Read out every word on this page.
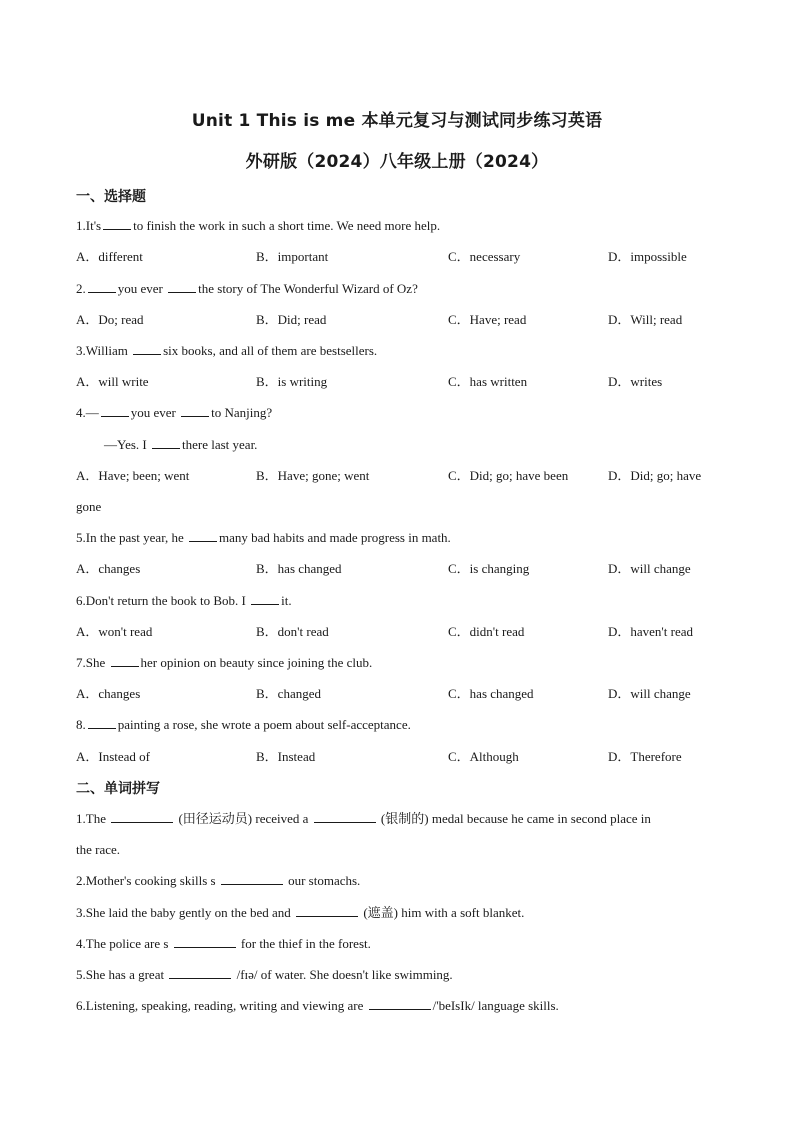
Unit 1 This is me 本单元复习与测试同步练习英语
外研版（2024）八年级上册（2024）
一、选择题
1.It's to finish the work in such a short time. We need more help.
A．different	B．important	C．necessary	D．impossible
2. you ever	the story of The Wonderful Wizard of Oz?
A．Do; read	B．Did; read	C．Have; read	D．Will; read
3.William six books, and all of them are bestsellers.
A．will write	B．is writing	C．has written	D．writes
4.— you ever	to Nanjing?
—Yes. I there last year.
A．Have; been; went	B．Have; gone; went	C．Did; go; have been	D．Did; go; have
gone
5.In the past year, he many bad habits and made progress in math.
A．changes	B．has changed	C．is changing	D．will change
6.Don't return the book to Bob. I it.
A．won't read	B．don't read	C．didn't read	D．haven't read
7.She her opinion on beauty since joining the club.
A．changes	B．changed	C．has changed	D．will change
8. painting a rose, she wrote a poem about self-acceptance.
A．Instead of	B．Instead	C．Although	D．Therefore
二、单词拼写
1.The	(田径运动员) received a	(银制的) medal because he came in second place in
the race.
2.Mother's cooking skills s	our stomachs.
3.She laid the baby gently on the bed and	(遮盖) him with a soft blanket.
4.The police are s	for the thief in the forest.
5.She has a great	/fɪə/ of water. She doesn't like swimming.
6.Listening, speaking, reading, writing and viewing are	/'beIsIk/ language skills.
